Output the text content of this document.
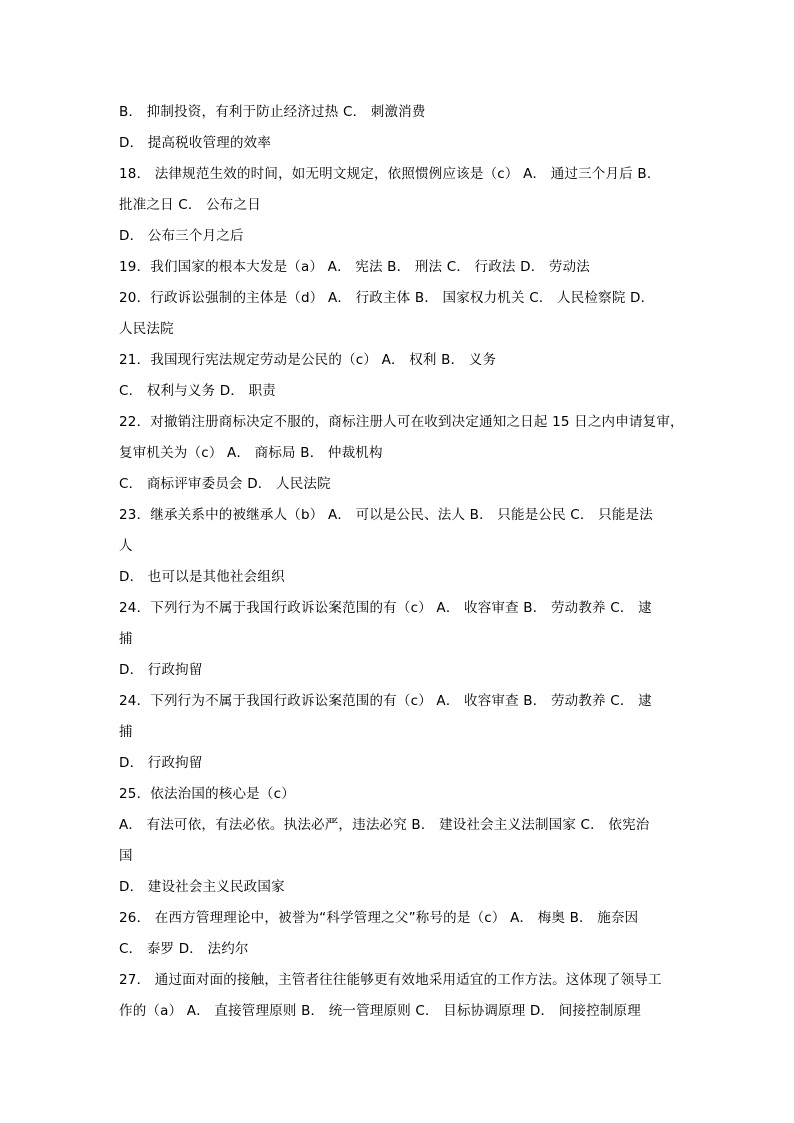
B． 抑制投资，有利于防止经济过热 C． 刺激消费
D． 提高税收管理的效率
18． 法律规范生效的时间，如无明文规定，依照惯例应该是（c） A． 通过三个月后 B．
批准之日 C． 公布之日
D． 公布三个月之后
19．我们国家的根本大发是（a） A． 宪法 B． 刑法 C． 行政法 D． 劳动法
20．行政诉讼强制的主体是（d） A． 行政主体 B． 国家权力机关 C． 人民检察院 D．
人民法院
21．我国现行宪法规定劳动是公民的（c） A． 权利 B． 义务
C． 权利与义务 D． 职责
22．对撤销注册商标决定不服的，商标注册人可在收到决定通知之日起 15 日之内申请复审，
复审机关为（c） A． 商标局 B． 仲裁机构
C． 商标评审委员会 D． 人民法院
23．继承关系中的被继承人（b） A． 可以是公民、法人 B． 只能是公民 C． 只能是法
人
D． 也可以是其他社会组织
24．下列行为不属于我国行政诉讼案范围的有（c） A． 收容审查 B． 劳动教养 C． 逮
捕
D． 行政拘留
24．下列行为不属于我国行政诉讼案范围的有（c） A． 收容审查 B． 劳动教养 C． 逮
捕
D． 行政拘留
25．依法治国的核心是（c）
A． 有法可依，有法必依。执法必严，违法必究 B． 建设社会主义法制国家 C． 依宪治
国
D． 建设社会主义民政国家
26． 在西方管理理论中，被誉为“科学管理之父”称号的是（c） A． 梅奥 B． 施奈因
C． 泰罗 D． 法约尔
27． 通过面对面的接触，主管者往往能够更有效地采用适宜的工作方法。这体现了领导工
作的（a） A． 直接管理原则 B． 统一管理原则 C． 目标协调原理 D． 间接控制原理
